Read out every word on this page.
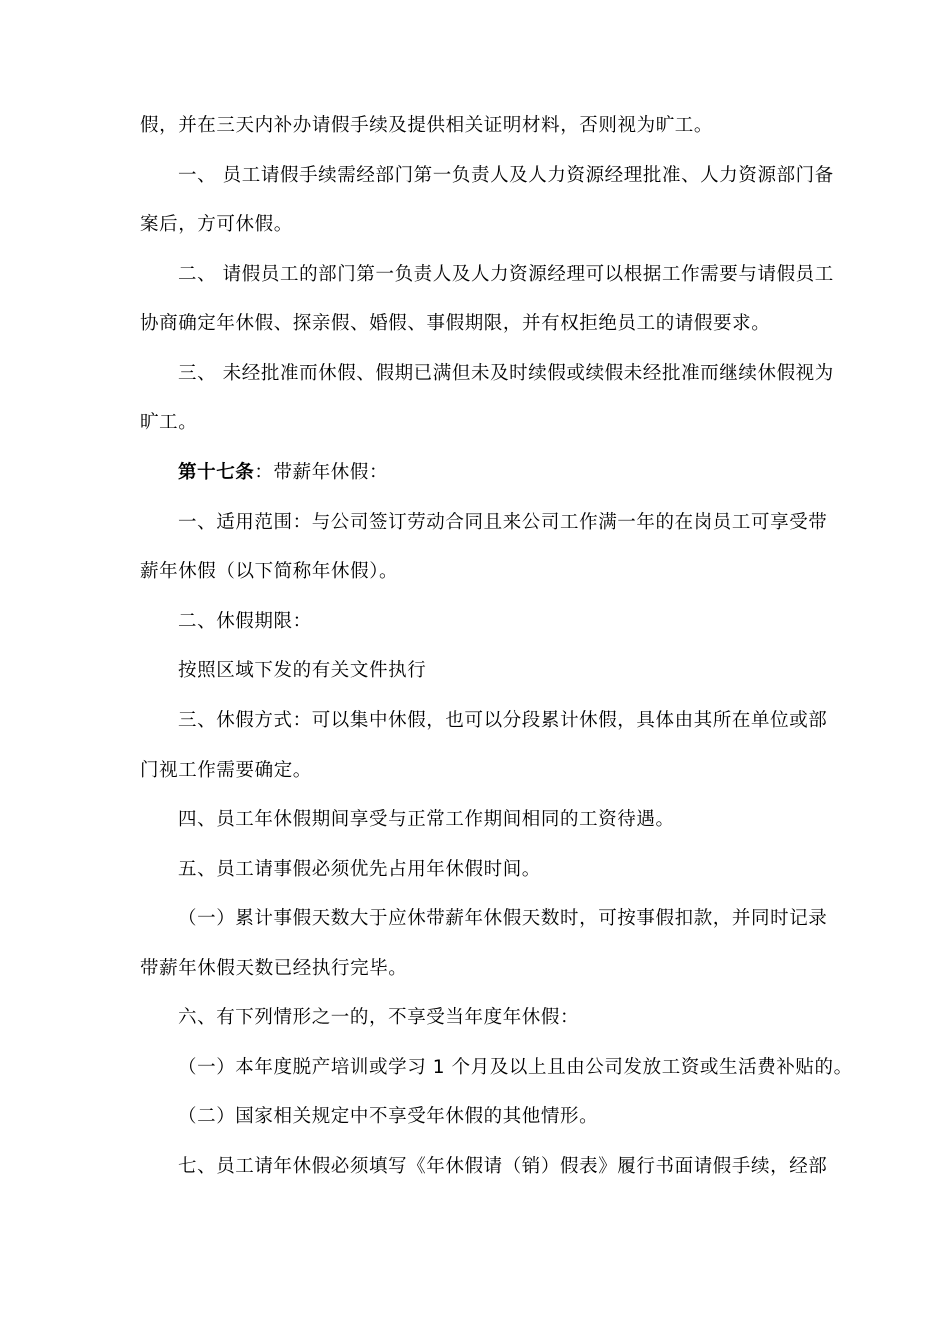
假，并在三天内补办请假手续及提供相关证明材料，否则视为旷工。
一、 员工请假手续需经部门第一负责人及人力资源经理批准、人力资源部门备
案后，方可休假。
二、 请假员工的部门第一负责人及人力资源经理可以根据工作需要与请假员工
协商确定年休假、探亲假、婚假、事假期限，并有权拒绝员工的请假要求。
三、 未经批准而休假、假期已满但未及时续假或续假未经批准而继续休假视为
旷工。
第十七条：带薪年休假：
一、适用范围：与公司签订劳动合同且来公司工作满一年的在岗员工可享受带
薪年休假（以下简称年休假）。
二、休假期限：
按照区域下发的有关文件执行
三、休假方式：可以集中休假，也可以分段累计休假，具体由其所在单位或部
门视工作需要确定。
四、员工年休假期间享受与正常工作期间相同的工资待遇。
五、员工请事假必须优先占用年休假时间。
（一）累计事假天数大于应休带薪年休假天数时，可按事假扣款，并同时记录
带薪年休假天数已经执行完毕。
六、有下列情形之一的，不享受当年度年休假：
（一）本年度脱产培训或学习 1 个月及以上且由公司发放工资或生活费补贴的。
（二）国家相关规定中不享受年休假的其他情形。
七、员工请年休假必须填写《年休假请（销）假表》履行书面请假手续，经部
